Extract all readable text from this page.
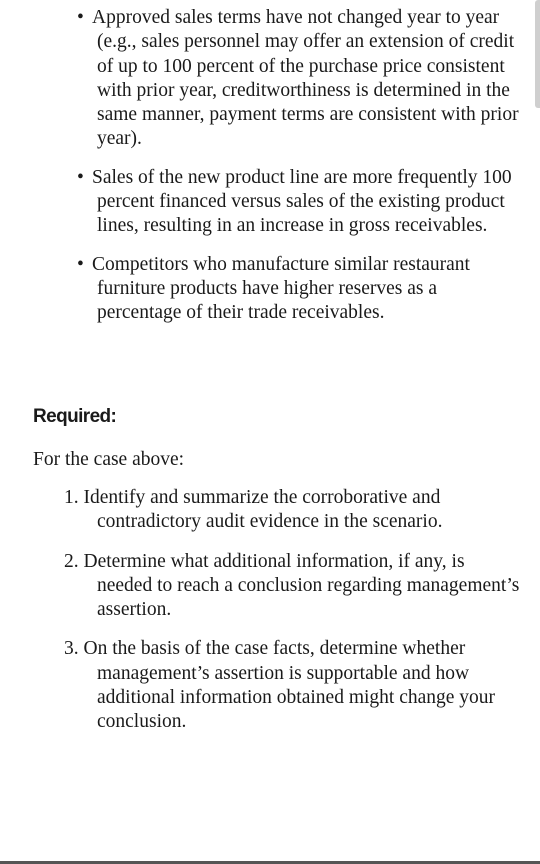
• Approved sales terms have not changed year to year (e.g., sales personnel may offer an extension of credit of up to 100 percent of the purchase price consistent with prior year, creditworthiness is determined in the same manner, payment terms are consistent with prior year).
• Sales of the new product line are more frequently 100 percent financed versus sales of the existing product lines, resulting in an increase in gross receivables.
• Competitors who manufacture similar restaurant furniture products have higher reserves as a percentage of their trade receivables.
Required:
For the case above:
1. Identify and summarize the corroborative and contradictory audit evidence in the scenario.
2. Determine what additional information, if any, is needed to reach a conclusion regarding management’s assertion.
3. On the basis of the case facts, determine whether management’s assertion is supportable and how additional information obtained might change your conclusion.
